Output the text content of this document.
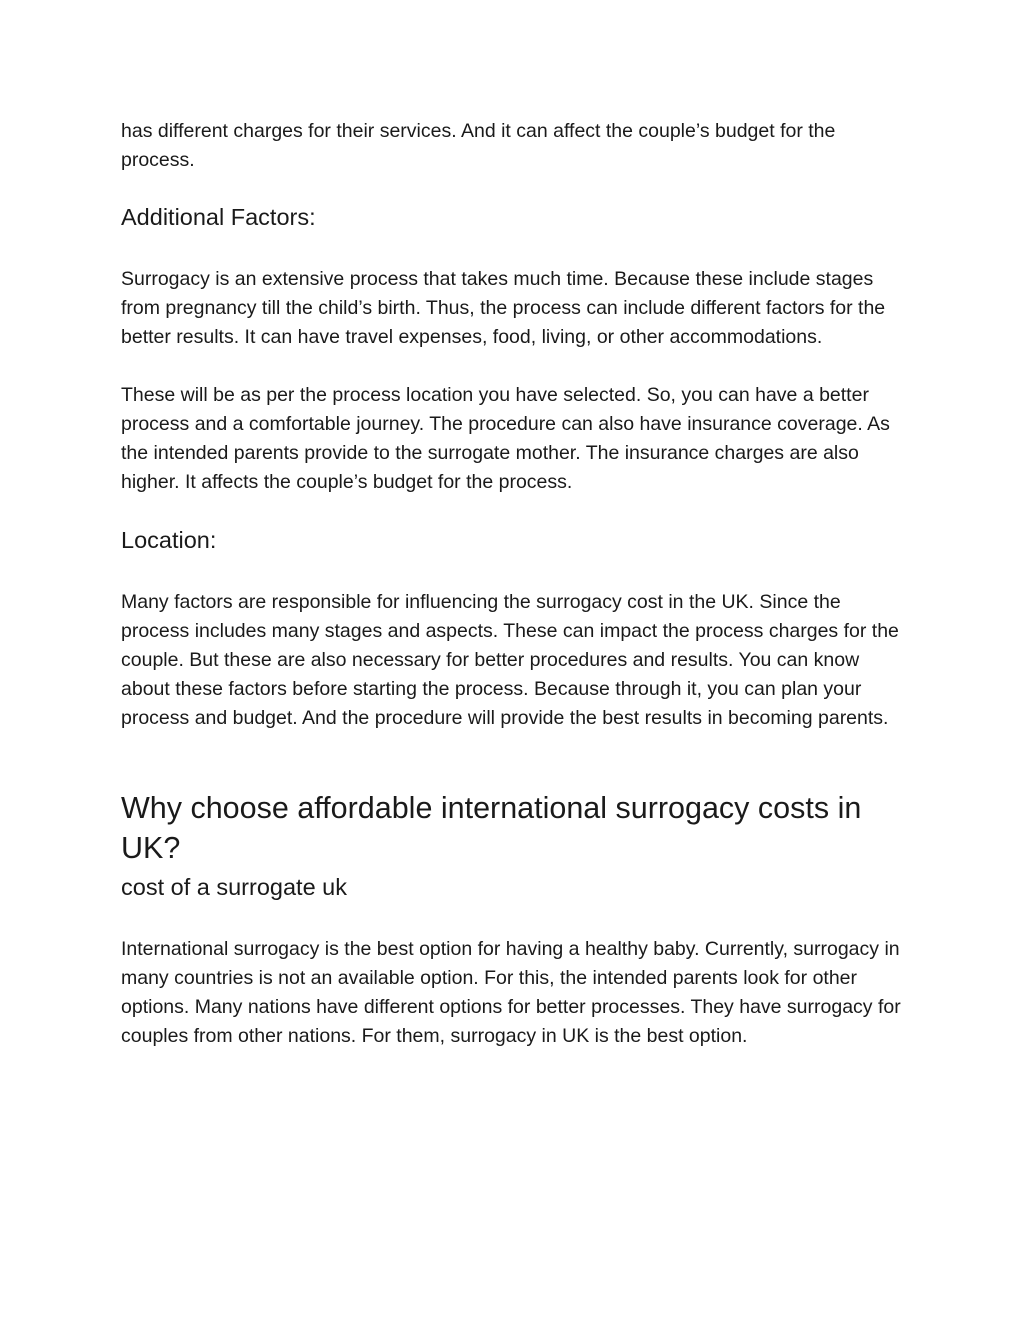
has different charges for their services. And it can affect the couple’s budget for the process.

Additional Factors:

Surrogacy is an extensive process that takes much time. Because these include stages from pregnancy till the child’s birth. Thus, the process can include different factors for the better results. It can have travel expenses, food, living, or other accommodations.

These will be as per the process location you have selected. So, you can have a better process and a comfortable journey. The procedure can also have insurance coverage. As the intended parents provide to the surrogate mother. The insurance charges are also higher. It affects the couple’s budget for the process.

Location:

Many factors are responsible for influencing the surrogacy cost in the UK. Since the process includes many stages and aspects. These can impact the process charges for the couple. But these are also necessary for better procedures and results. You can know about these factors before starting the process. Because through it, you can plan your process and budget. And the procedure will provide the best results in becoming parents.

Why choose affordable international surrogacy costs in UK?
cost of a surrogate uk

International surrogacy is the best option for having a healthy baby. Currently, surrogacy in many countries is not an available option. For this, the intended parents look for other options. Many nations have different options for better processes. They have surrogacy for couples from other nations. For them, surrogacy in UK is the best option.
